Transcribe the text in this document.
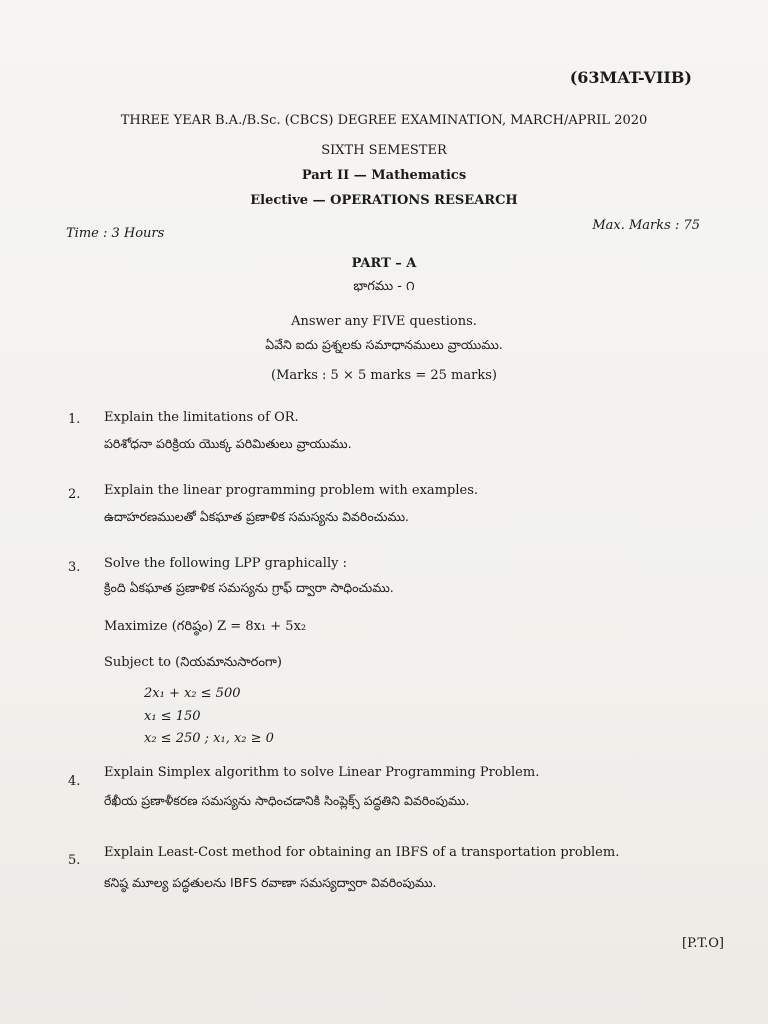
(63MAT-VIIB)
THREE YEAR B.A./B.Sc. (CBCS) DEGREE EXAMINATION, MARCH/APRIL 2020
SIXTH SEMESTER
Part II — Mathematics
Elective — OPERATIONS RESEARCH
Time : 3 Hours
Max. Marks : 75
PART – A
భాగము - ౧
Answer any FIVE questions.
ఏవేని ఐదు ప్రశ్నలకు సమాధానములు వ్రాయుము.
(Marks : 5 × 5 marks = 25 marks)
1. Explain the limitations of OR.
పరిశోధనా పరిక్రియ యొక్క పరిమితులు వ్రాయుము.
2. Explain the linear programming problem with examples.
ఉదాహరణములతో ఏకఘాత ప్రణాళిక సమస్యను వివరించుము.
3. Solve the following LPP graphically :
క్రింది ఏకఘాత ప్రణాళిక సమస్యను గ్రాఫ్ ద్వారా సాధించుము.
Maximize (గరిష్ఠం) Z = 8x₁ + 5x₂
Subject to (నియమానుసారంగా)
2x₁ + x₂ ≤ 500
x₁ ≤ 150
x₂ ≤ 250 ; x₁, x₂ ≥ 0
4.
Explain Simplex algorithm to solve Linear Programming Problem.
రేఖీయ ప్రణాళీకరణ సమస్యను సాధించడానికి సింప్లెక్స్ పద్ధతిని వివరింపుము.
5.
Explain Least-Cost method for obtaining an IBFS of a transportation problem.
కనిష్ఠ మూల్య పద్ధతులను IBFS రవాణా సమస్యద్వారా వివరింపుము.
[P.T.O]
